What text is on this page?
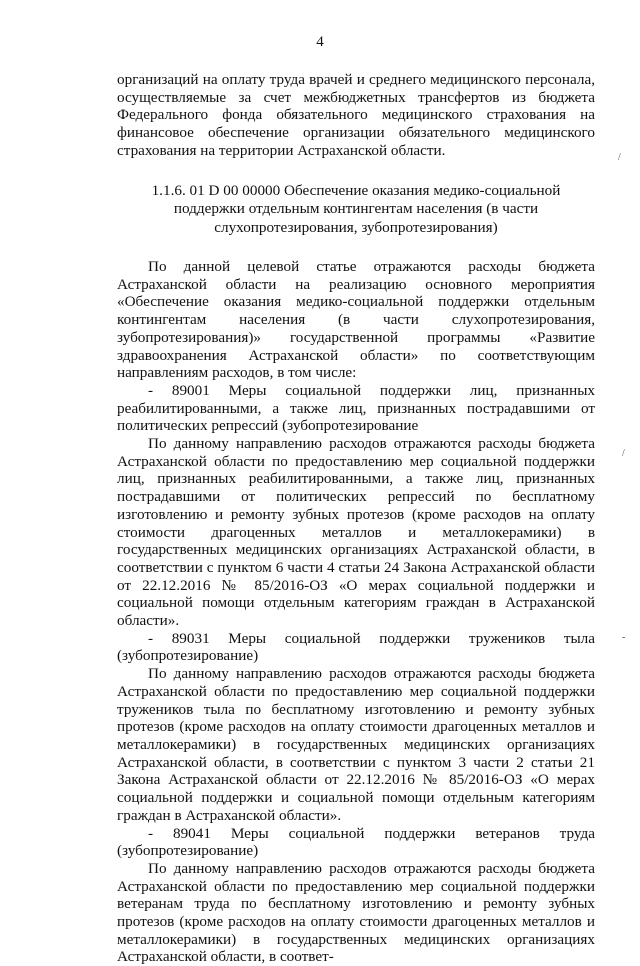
4

организаций на оплату труда врачей и среднего медицинского персонала, осуществляемые за счет межбюджетных трансфертов из бюджета Федерального фонда обязательного медицинского страхования на финансовое обеспечение организации обязательного медицинского страхования на территории Астраханской области.

1.1.6. 01 D 00 00000 Обеспечение оказания медико-социальной
поддержки отдельным контингентам населения (в части
слухопротезирования, зубопротезирования)

По данной целевой статье отражаются расходы бюджета Астраханской области на реализацию основного мероприятия «Обеспечение оказания медико-социальной поддержки отдельным контингентам населения (в части слухопротезирования, зубопротезирования)» государственной программы «Развитие здравоохранения Астраханской области» по соответствующим направлениям расходов, в том числе:

- 89001 Меры социальной поддержки лиц, признанных реабилитированными, а также лиц, признанных пострадавшими от политических репрессий (зубопротезирование

По данному направлению расходов отражаются расходы бюджета Астраханской области по предоставлению мер социальной поддержки лиц, признанных реабилитированными, а также лиц, признанных пострадавшими от политических репрессий по бесплатному изготовлению и ремонту зубных протезов (кроме расходов на оплату стоимости драгоценных металлов и металлокерамики) в государственных медицинских организациях Астраханской области, в соответствии с пунктом 6 части 4 статьи 24 Закона Астраханской области от 22.12.2016 № 85/2016-ОЗ «О мерах социальной поддержки и социальной помощи отдельным категориям граждан в Астраханской области».

- 89031 Меры социальной поддержки тружеников тыла (зубопротезирование)

По данному направлению расходов отражаются расходы бюджета Астраханской области по предоставлению мер социальной поддержки тружеников тыла по бесплатному изготовлению и ремонту зубных протезов (кроме расходов на оплату стоимости драгоценных металлов и металлокерамики) в государственных медицинских организациях Астраханской области, в соответствии с пунктом 3 части 2 статьи 21 Закона Астраханской области от 22.12.2016 № 85/2016-ОЗ «О мерах социальной поддержки и социальной помощи отдельным категориям граждан в Астраханской области».

- 89041 Меры социальной поддержки ветеранов труда (зубопротезирование)

По данному направлению расходов отражаются расходы бюджета Астраханской области по предоставлению мер социальной поддержки ветеранам труда по бесплатному изготовлению и ремонту зубных протезов (кроме расходов на оплату стоимости драгоценных металлов и металлокерамики) в государственных медицинских организациях Астраханской области, в соответ-

/
/
-
